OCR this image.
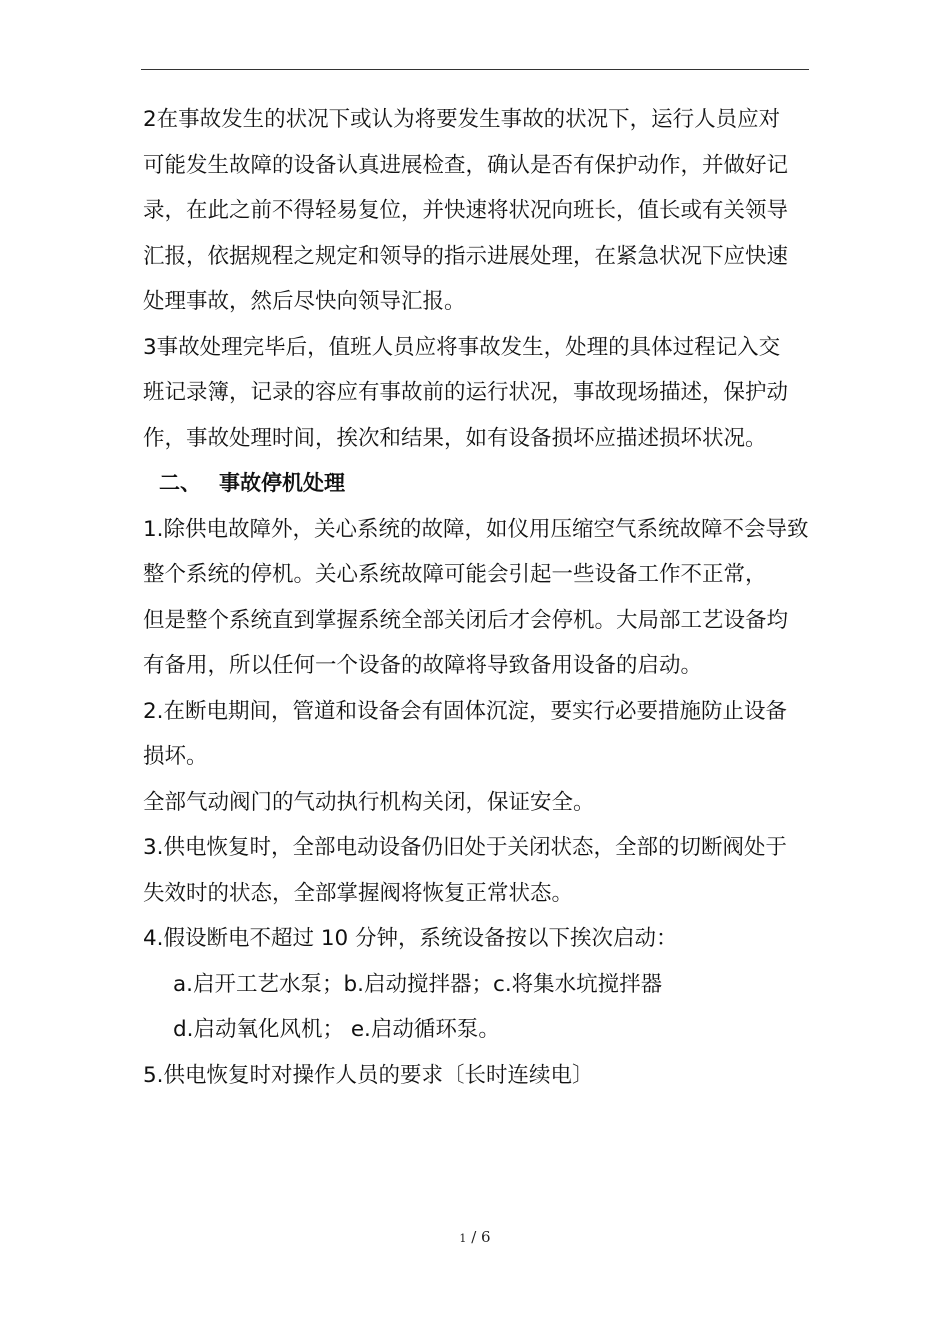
2在事故发生的状况下或认为将要发生事故的状况下，运行人员应对
可能发生故障的设备认真进展检查，确认是否有保护动作，并做好记
录，在此之前不得轻易复位，并快速将状况向班长，值长或有关领导
汇报，依据规程之规定和领导的指示进展处理，在紧急状况下应快速
处理事故，然后尽快向领导汇报。
3事故处理完毕后，值班人员应将事故发生，处理的具体过程记入交
班记录簿，记录的容应有事故前的运行状况，事故现场描述，保护动
作，事故处理时间，挨次和结果，如有设备损坏应描述损坏状况。
二、 事故停机处理
1.除供电故障外，关心系统的故障，如仪用压缩空气系统故障不会导致
整个系统的停机。关心系统故障可能会引起一些设备工作不正常，
但是整个系统直到掌握系统全部关闭后才会停机。大局部工艺设备均
有备用，所以任何一个设备的故障将导致备用设备的启动。
2.在断电期间，管道和设备会有固体沉淀，要实行必要措施防止设备
损坏。
全部气动阀门的气动执行机构关闭，保证安全。
3.供电恢复时，全部电动设备仍旧处于关闭状态，全部的切断阀处于
失效时的状态，全部掌握阀将恢复正常状态。
4.假设断电不超过 10 分钟，系统设备按以下挨次启动：
a.启开工艺水泵；b.启动搅拌器；c.将集水坑搅拌器
d.启动氧化风机； e.启动循环泵。
5.供电恢复时对操作人员的要求〔长时连续电〕
1 / 6
